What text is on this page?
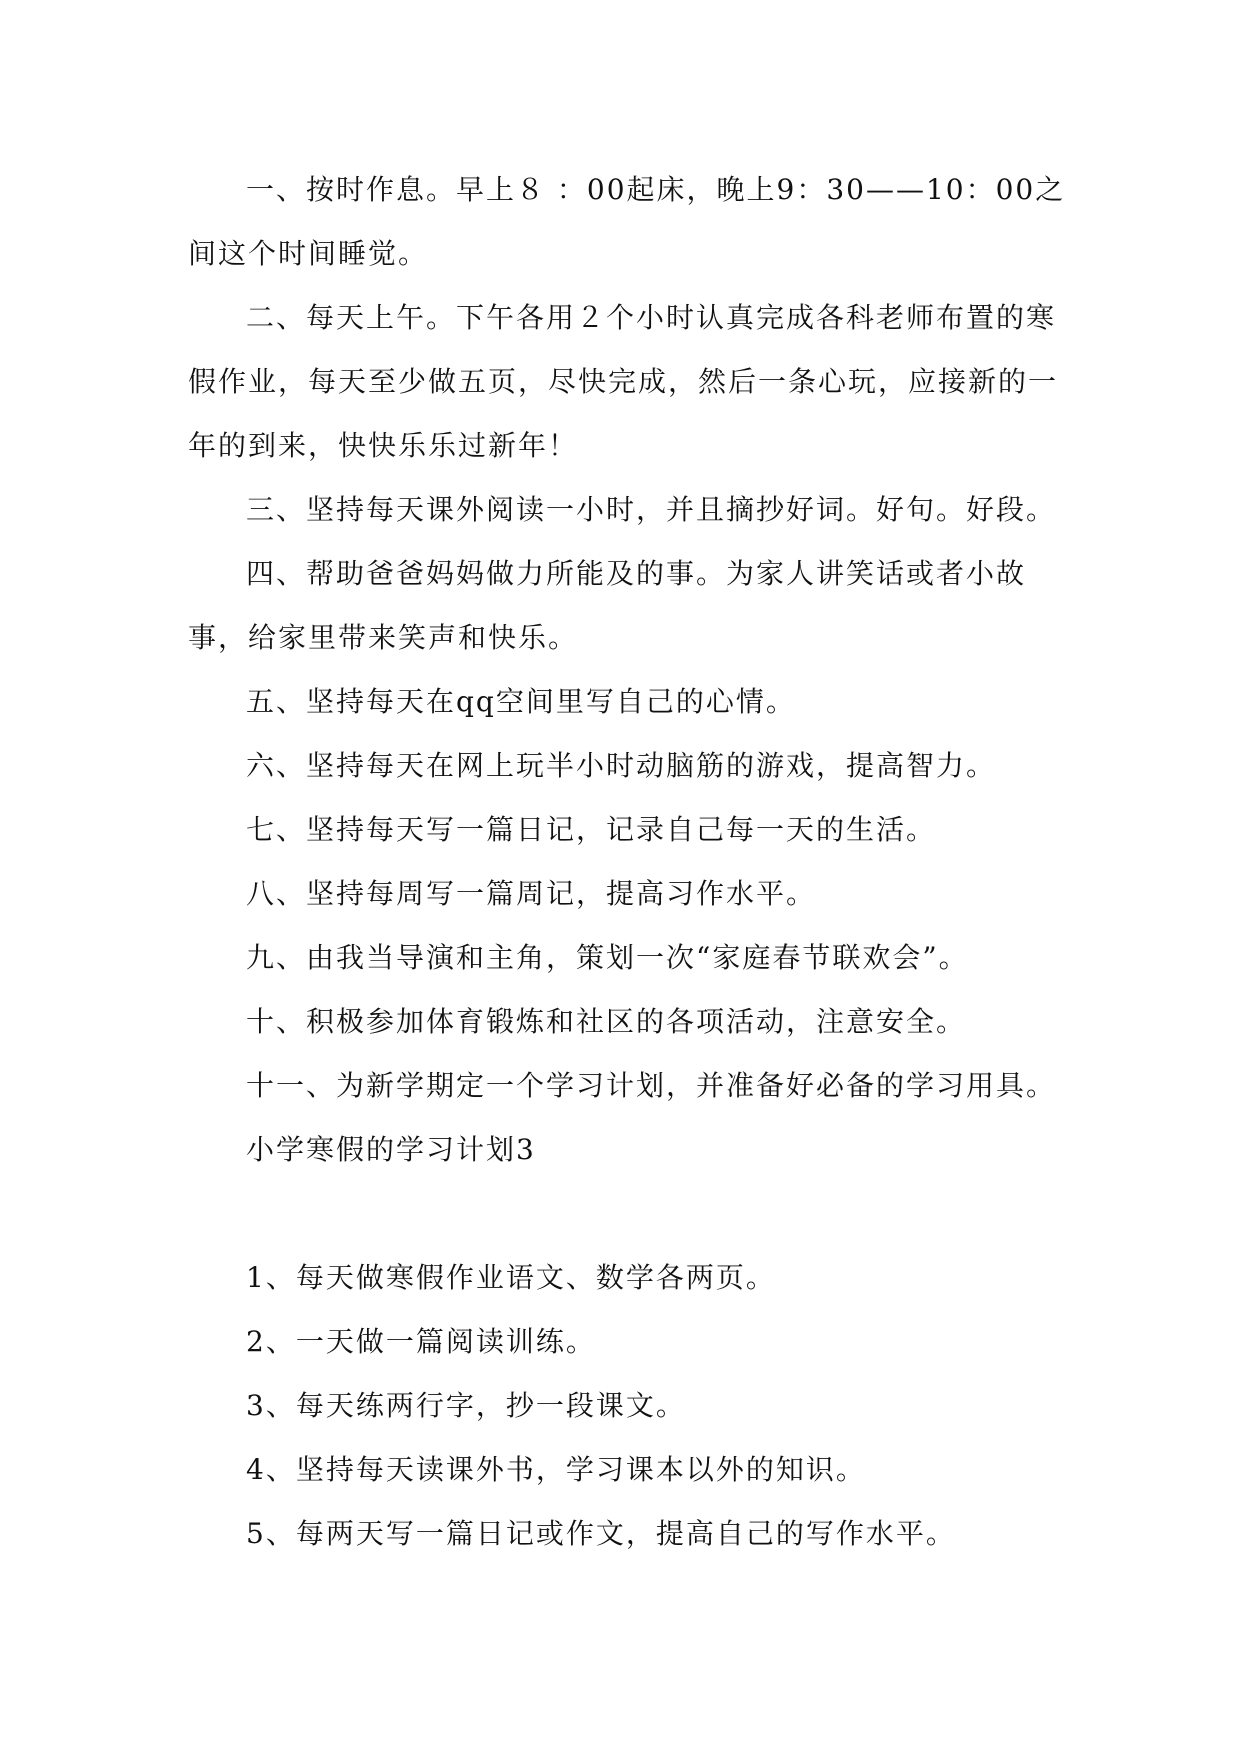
一、按时作息。早上８ ：00起床，晚上9：30——10：00之间这个时间睡觉。

二、每天上午。下午各用２个小时认真完成各科老师布置的寒假作业，每天至少做五页，尽快完成，然后一条心玩，应接新的一年的到来，快快乐乐过新年！

三、坚持每天课外阅读一小时，并且摘抄好词。好句。好段。

四、帮助爸爸妈妈做力所能及的事。为家人讲笑话或者小故事，给家里带来笑声和快乐。

五、坚持每天在qq空间里写自己的心情。

六、坚持每天在网上玩半小时动脑筋的游戏，提高智力。

七、坚持每天写一篇日记，记录自己每一天的生活。

八、坚持每周写一篇周记，提高习作水平。

九、由我当导演和主角，策划一次“家庭春节联欢会”。

十、积极参加体育锻炼和社区的各项活动，注意安全。

十一、为新学期定一个学习计划，并准备好必备的学习用具。

小学寒假的学习计划3

1、每天做寒假作业语文、数学各两页。

2、一天做一篇阅读训练。

3、每天练两行字，抄一段课文。

4、坚持每天读课外书，学习课本以外的知识。

5、每两天写一篇日记或作文，提高自己的写作水平。
